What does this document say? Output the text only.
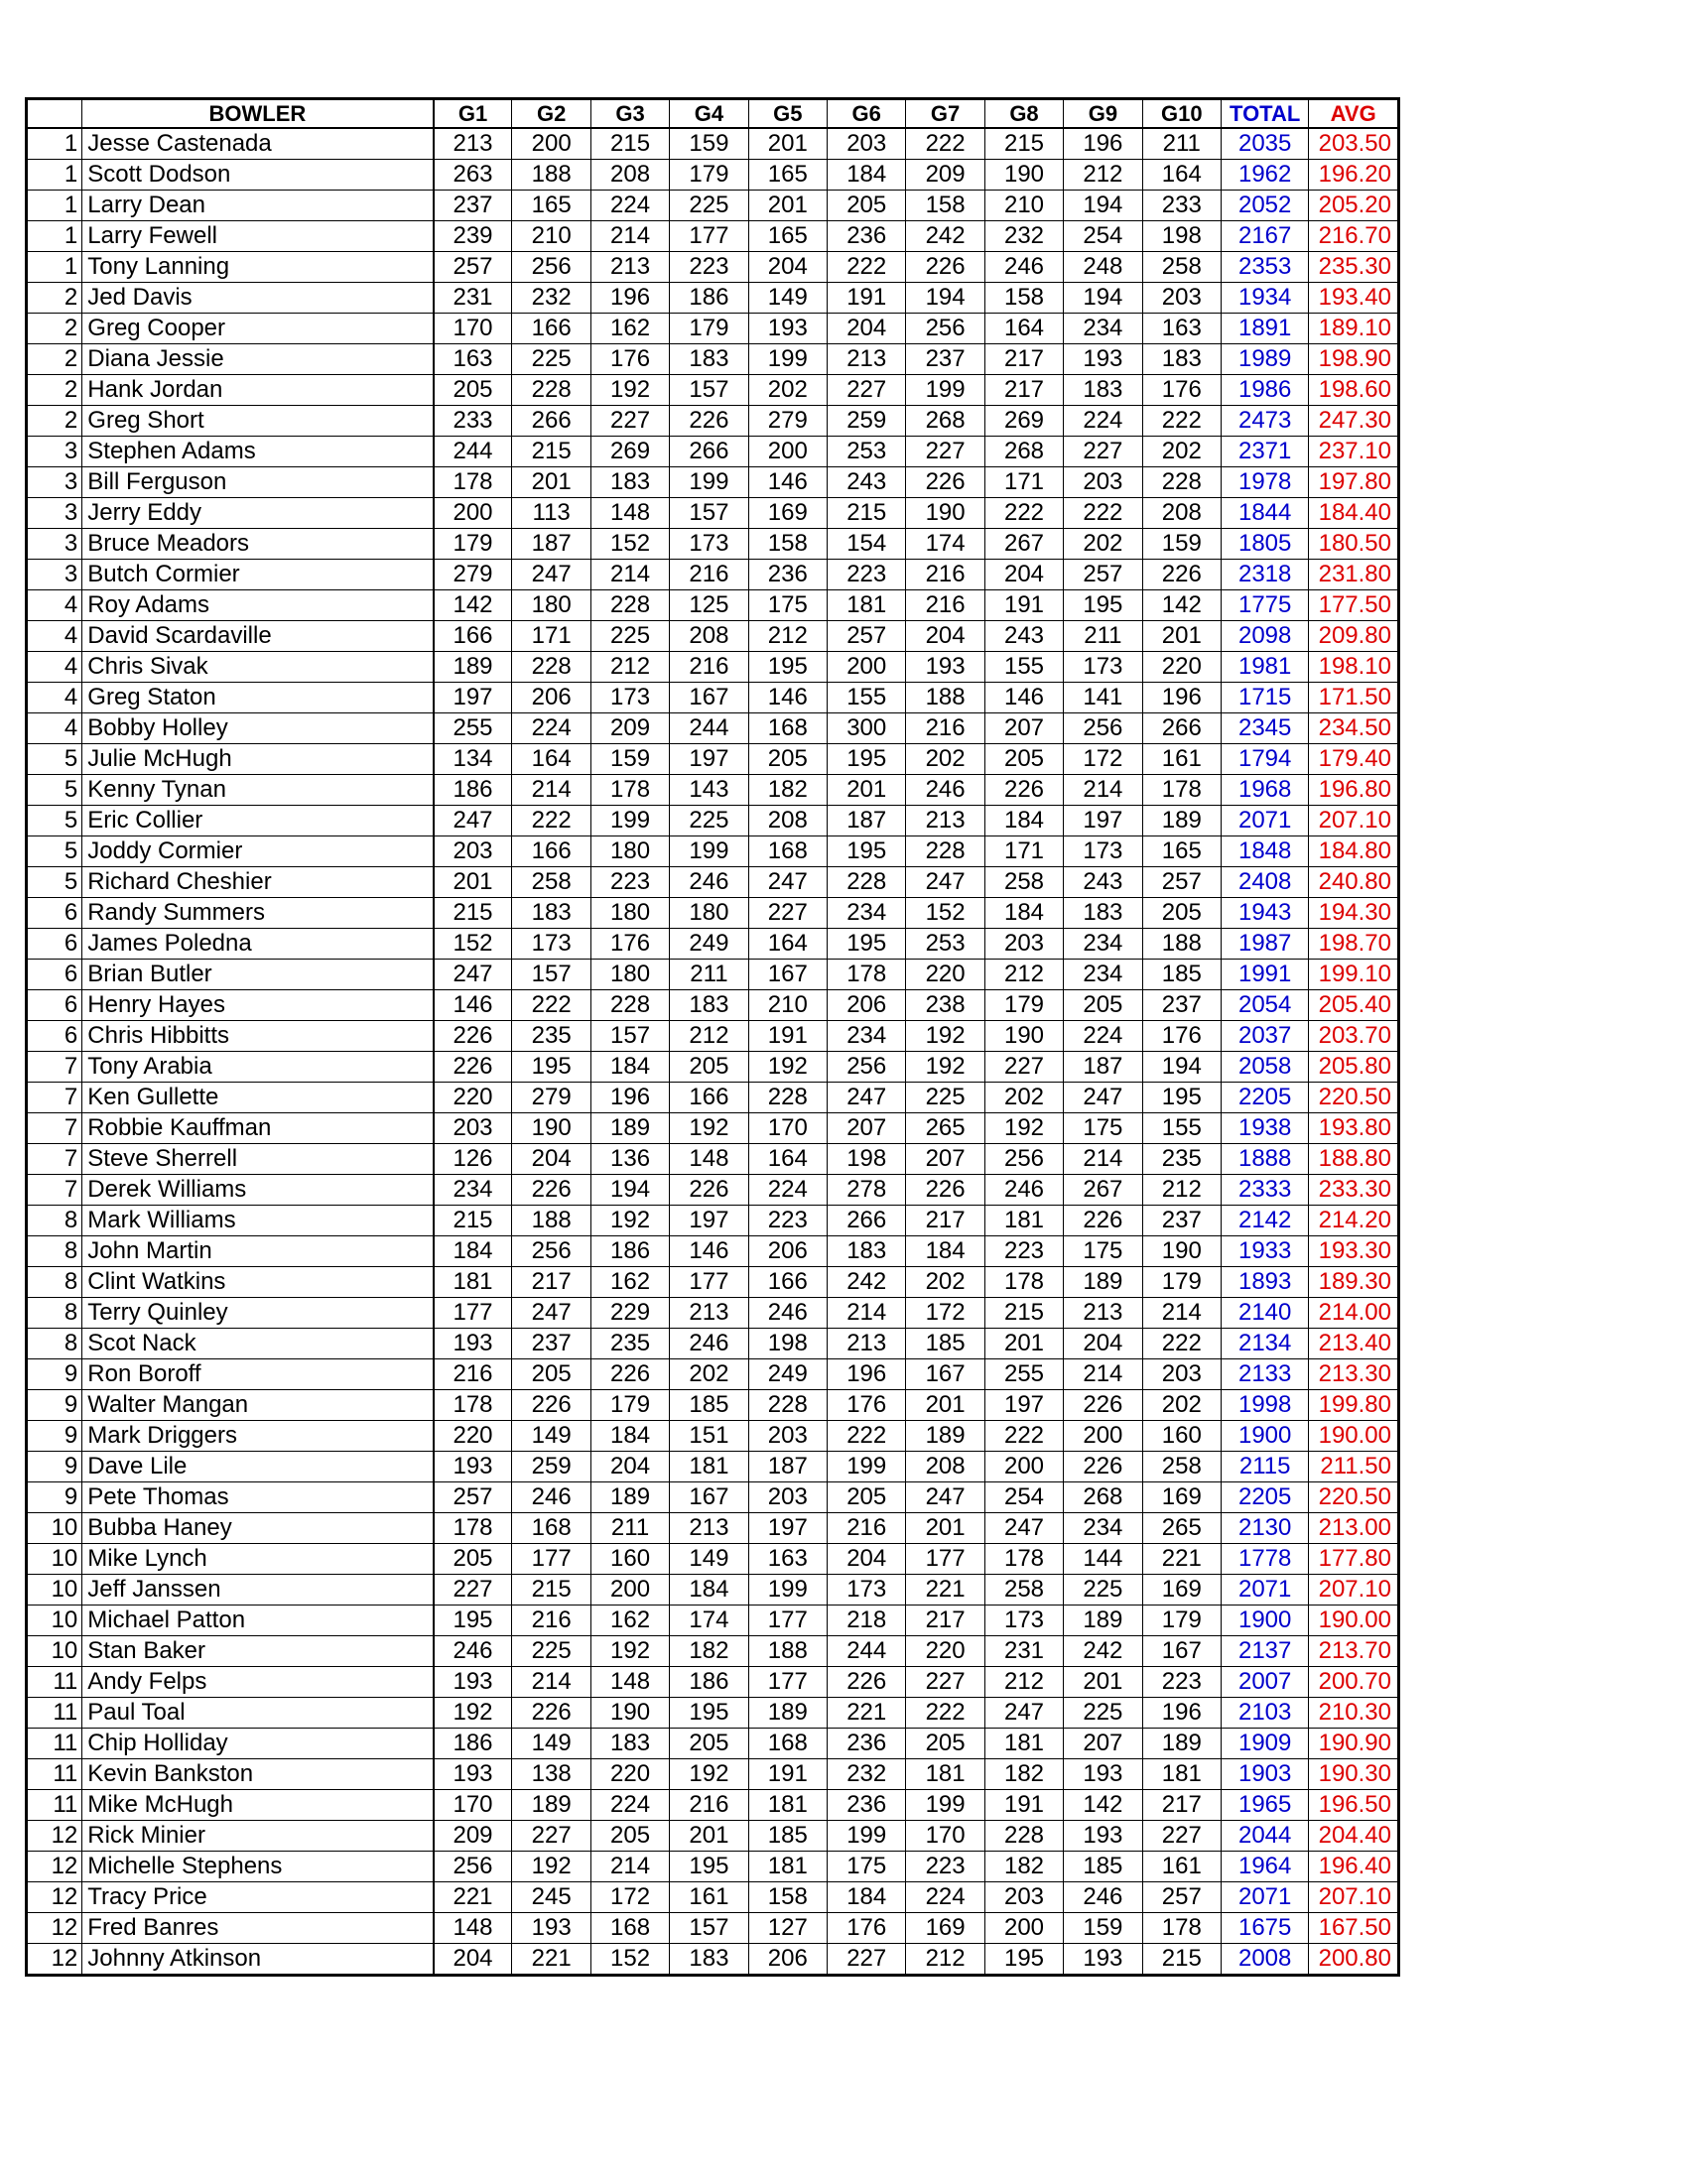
	BOWLER	G1	G2	G3	G4	G5	G6	G7	G8	G9	G10	TOTAL	AVG
1	Jesse Castenada	213	200	215	159	201	203	222	215	196	211	2035	203.50
1	Scott Dodson	263	188	208	179	165	184	209	190	212	164	1962	196.20
1	Larry Dean	237	165	224	225	201	205	158	210	194	233	2052	205.20
1	Larry Fewell	239	210	214	177	165	236	242	232	254	198	2167	216.70
1	Tony Lanning	257	256	213	223	204	222	226	246	248	258	2353	235.30
2	Jed Davis	231	232	196	186	149	191	194	158	194	203	1934	193.40
2	Greg Cooper	170	166	162	179	193	204	256	164	234	163	1891	189.10
2	Diana Jessie	163	225	176	183	199	213	237	217	193	183	1989	198.90
2	Hank Jordan	205	228	192	157	202	227	199	217	183	176	1986	198.60
2	Greg Short	233	266	227	226	279	259	268	269	224	222	2473	247.30
3	Stephen Adams	244	215	269	266	200	253	227	268	227	202	2371	237.10
3	Bill Ferguson	178	201	183	199	146	243	226	171	203	228	1978	197.80
3	Jerry Eddy	200	113	148	157	169	215	190	222	222	208	1844	184.40
3	Bruce Meadors	179	187	152	173	158	154	174	267	202	159	1805	180.50
3	Butch Cormier	279	247	214	216	236	223	216	204	257	226	2318	231.80
4	Roy Adams	142	180	228	125	175	181	216	191	195	142	1775	177.50
4	David Scardaville	166	171	225	208	212	257	204	243	211	201	2098	209.80
4	Chris Sivak	189	228	212	216	195	200	193	155	173	220	1981	198.10
4	Greg Staton	197	206	173	167	146	155	188	146	141	196	1715	171.50
4	Bobby Holley	255	224	209	244	168	300	216	207	256	266	2345	234.50
5	Julie McHugh	134	164	159	197	205	195	202	205	172	161	1794	179.40
5	Kenny Tynan	186	214	178	143	182	201	246	226	214	178	1968	196.80
5	Eric Collier	247	222	199	225	208	187	213	184	197	189	2071	207.10
5	Joddy Cormier	203	166	180	199	168	195	228	171	173	165	1848	184.80
5	Richard Cheshier	201	258	223	246	247	228	247	258	243	257	2408	240.80
6	Randy Summers	215	183	180	180	227	234	152	184	183	205	1943	194.30
6	James Poledna	152	173	176	249	164	195	253	203	234	188	1987	198.70
6	Brian Butler	247	157	180	211	167	178	220	212	234	185	1991	199.10
6	Henry Hayes	146	222	228	183	210	206	238	179	205	237	2054	205.40
6	Chris Hibbitts	226	235	157	212	191	234	192	190	224	176	2037	203.70
7	Tony Arabia	226	195	184	205	192	256	192	227	187	194	2058	205.80
7	Ken Gullette	220	279	196	166	228	247	225	202	247	195	2205	220.50
7	Robbie Kauffman	203	190	189	192	170	207	265	192	175	155	1938	193.80
7	Steve Sherrell	126	204	136	148	164	198	207	256	214	235	1888	188.80
7	Derek Williams	234	226	194	226	224	278	226	246	267	212	2333	233.30
8	Mark Williams	215	188	192	197	223	266	217	181	226	237	2142	214.20
8	John Martin	184	256	186	146	206	183	184	223	175	190	1933	193.30
8	Clint Watkins	181	217	162	177	166	242	202	178	189	179	1893	189.30
8	Terry Quinley	177	247	229	213	246	214	172	215	213	214	2140	214.00
8	Scot Nack	193	237	235	246	198	213	185	201	204	222	2134	213.40
9	Ron Boroff	216	205	226	202	249	196	167	255	214	203	2133	213.30
9	Walter Mangan	178	226	179	185	228	176	201	197	226	202	1998	199.80
9	Mark Driggers	220	149	184	151	203	222	189	222	200	160	1900	190.00
9	Dave Lile	193	259	204	181	187	199	208	200	226	258	2115	211.50
9	Pete Thomas	257	246	189	167	203	205	247	254	268	169	2205	220.50
10	Bubba Haney	178	168	211	213	197	216	201	247	234	265	2130	213.00
10	Mike Lynch	205	177	160	149	163	204	177	178	144	221	1778	177.80
10	Jeff Janssen	227	215	200	184	199	173	221	258	225	169	2071	207.10
10	Michael Patton	195	216	162	174	177	218	217	173	189	179	1900	190.00
10	Stan Baker	246	225	192	182	188	244	220	231	242	167	2137	213.70
11	Andy Felps	193	214	148	186	177	226	227	212	201	223	2007	200.70
11	Paul Toal	192	226	190	195	189	221	222	247	225	196	2103	210.30
11	Chip Holliday	186	149	183	205	168	236	205	181	207	189	1909	190.90
11	Kevin Bankston	193	138	220	192	191	232	181	182	193	181	1903	190.30
11	Mike McHugh	170	189	224	216	181	236	199	191	142	217	1965	196.50
12	Rick Minier	209	227	205	201	185	199	170	228	193	227	2044	204.40
12	Michelle Stephens	256	192	214	195	181	175	223	182	185	161	1964	196.40
12	Tracy Price	221	245	172	161	158	184	224	203	246	257	2071	207.10
12	Fred Banres	148	193	168	157	127	176	169	200	159	178	1675	167.50
12	Johnny Atkinson	204	221	152	183	206	227	212	195	193	215	2008	200.80
